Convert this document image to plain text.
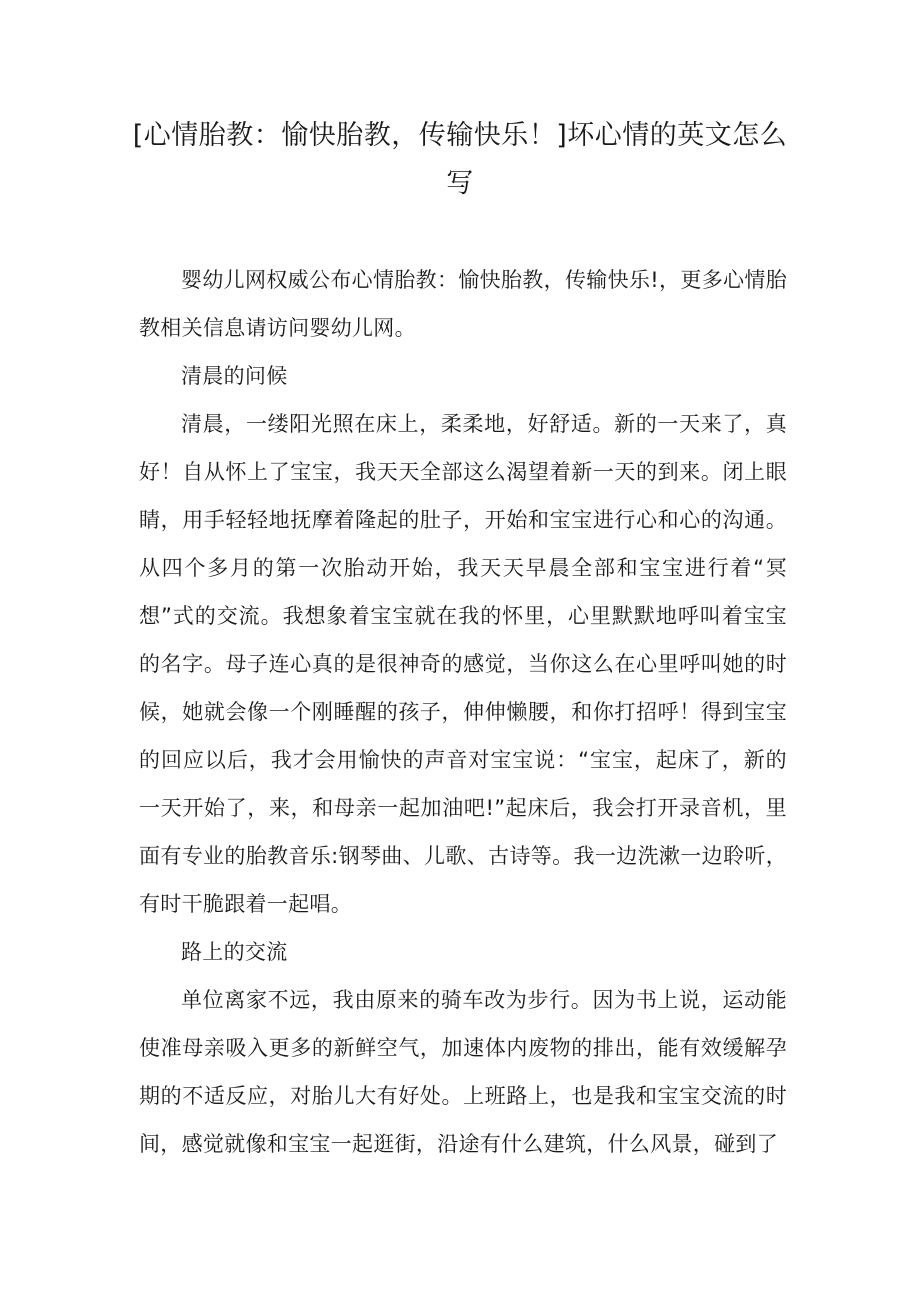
[心情胎教：愉快胎教，传输快乐！]坏心情的英文怎么写

婴幼儿网权威公布心情胎教：愉快胎教，传输快乐!，更多心情胎教相关信息请访问婴幼儿网。

清晨的问候

清晨，一缕阳光照在床上，柔柔地，好舒适。新的一天来了，真好！自从怀上了宝宝，我天天全部这么渴望着新一天的到来。闭上眼睛，用手轻轻地抚摩着隆起的肚子，开始和宝宝进行心和心的沟通。从四个多月的第一次胎动开始，我天天早晨全部和宝宝进行着“冥想”式的交流。我想象着宝宝就在我的怀里，心里默默地呼叫着宝宝的名字。母子连心真的是很神奇的感觉，当你这么在心里呼叫她的时候，她就会像一个刚睡醒的孩子，伸伸懒腰，和你打招呼！得到宝宝的回应以后，我才会用愉快的声音对宝宝说：“宝宝，起床了，新的一天开始了，来，和母亲一起加油吧!”起床后，我会打开录音机，里面有专业的胎教音乐:钢琴曲、儿歌、古诗等。我一边洗漱一边聆听，有时干脆跟着一起唱。

路上的交流

单位离家不远，我由原来的骑车改为步行。因为书上说，运动能使准母亲吸入更多的新鲜空气，加速体内废物的排出，能有效缓解孕期的不适反应，对胎儿大有好处。上班路上，也是我和宝宝交流的时间，感觉就像和宝宝一起逛街，沿途有什么建筑，什么风景，碰到了
